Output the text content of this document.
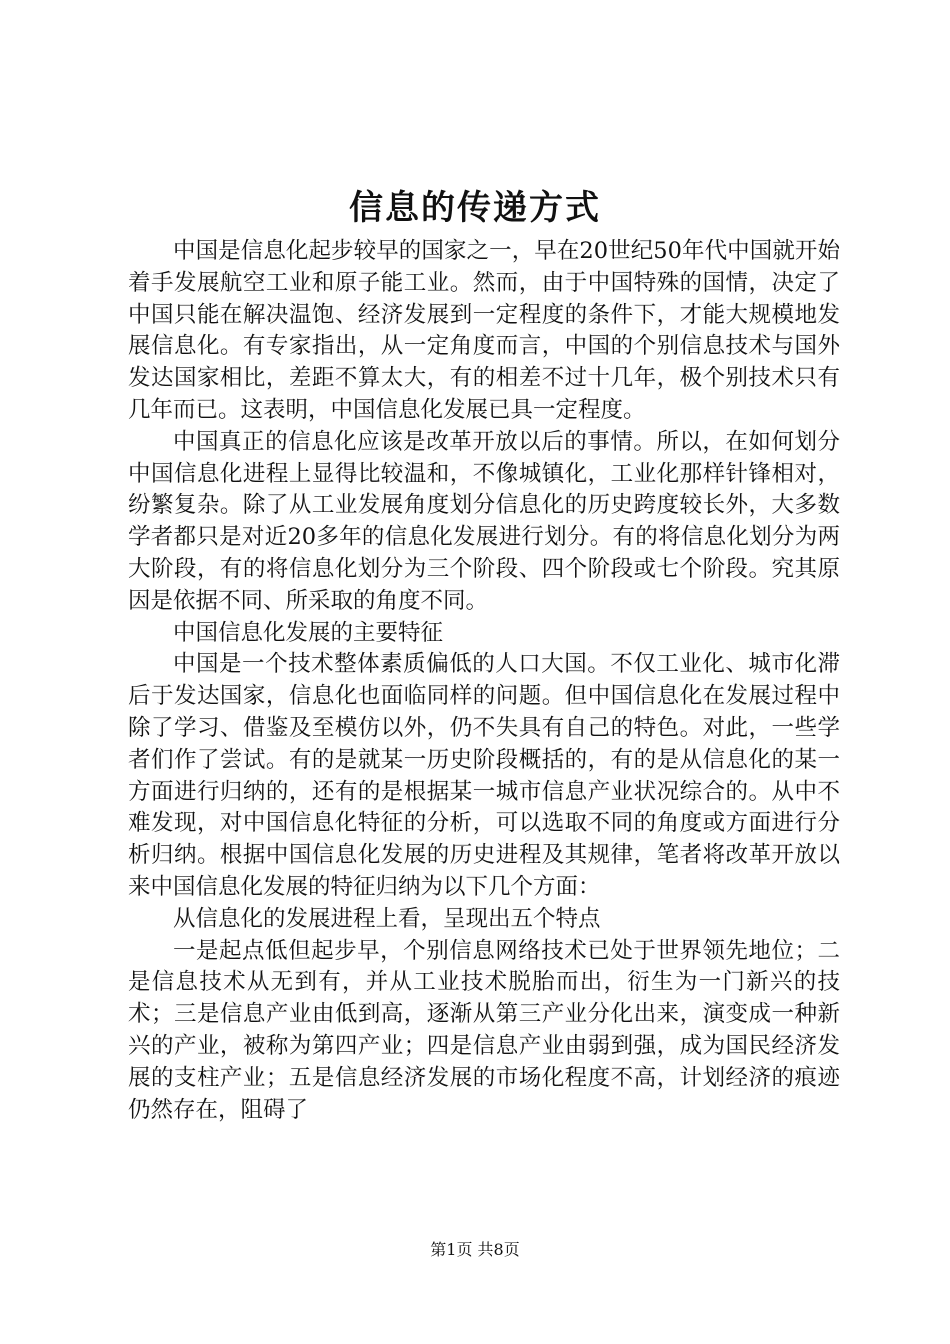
信息的传递方式

中国是信息化起步较早的国家之一，早在20世纪50年代中国就开始着手发展航空工业和原子能工业。然而，由于中国特殊的国情，决定了中国只能在解决温饱、经济发展到一定程度的条件下，才能大规模地发展信息化。有专家指出，从一定角度而言，中国的个别信息技术与国外发达国家相比，差距不算太大，有的相差不过十几年，极个别技术只有几年而已。这表明，中国信息化发展已具一定程度。

中国真正的信息化应该是改革开放以后的事情。所以，在如何划分中国信息化进程上显得比较温和，不像城镇化，工业化那样针锋相对，纷繁复杂。除了从工业发展角度划分信息化的历史跨度较长外，大多数学者都只是对近20多年的信息化发展进行划分。有的将信息化划分为两大阶段，有的将信息化划分为三个阶段、四个阶段或七个阶段。究其原因是依据不同、所采取的角度不同。

中国信息化发展的主要特征

中国是一个技术整体素质偏低的人口大国。不仅工业化、城市化滞后于发达国家，信息化也面临同样的问题。但中国信息化在发展过程中除了学习、借鉴及至模仿以外，仍不失具有自己的特色。对此，一些学者们作了尝试。有的是就某一历史阶段概括的，有的是从信息化的某一方面进行归纳的，还有的是根据某一城市信息产业状况综合的。从中不难发现，对中国信息化特征的分析，可以选取不同的角度或方面进行分析归纳。根据中国信息化发展的历史进程及其规律，笔者将改革开放以来中国信息化发展的特征归纳为以下几个方面：

从信息化的发展进程上看，呈现出五个特点

一是起点低但起步早，个别信息网络技术已处于世界领先地位；二是信息技术从无到有，并从工业技术脱胎而出，衍生为一门新兴的技术；三是信息产业由低到高，逐渐从第三产业分化出来，演变成一种新兴的产业，被称为第四产业；四是信息产业由弱到强，成为国民经济发展的支柱产业；五是信息经济发展的市场化程度不高，计划经济的痕迹仍然存在，阻碍了

第1页 共8页
